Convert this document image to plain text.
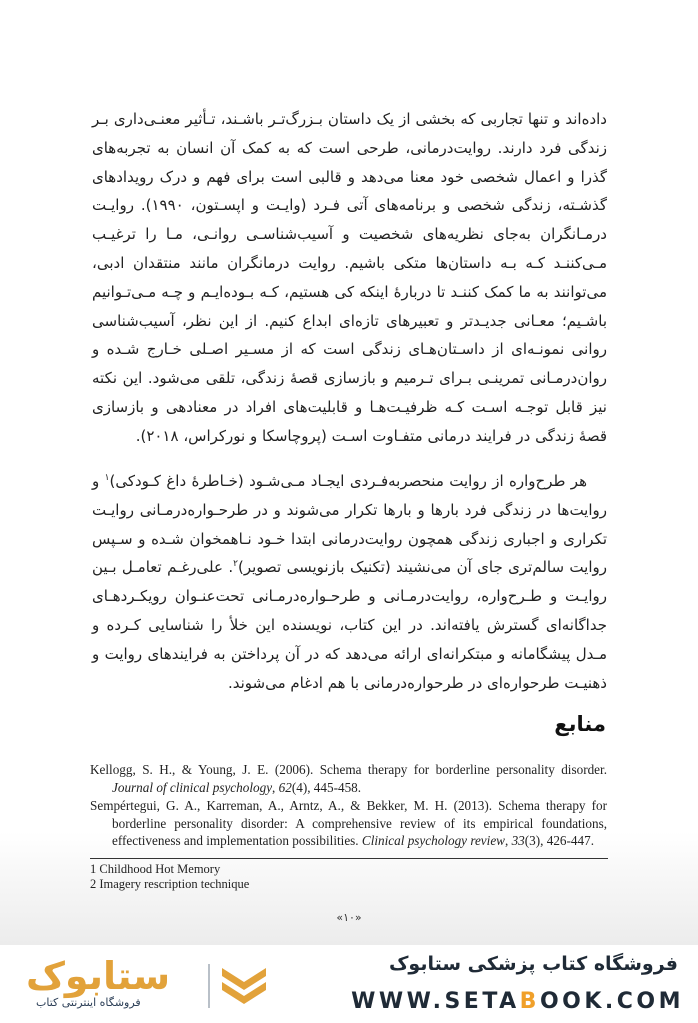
داده‌اند و تنها تجاربی که بخشی از یک داستان بـزرگ‌تـر باشـند، تـأثیر معنـی‌داری بـر زندگی فرد دارند. روایت‌درمانی، طرحی است که به کمک آن انسان به تجربه‌های گذرا و اعمال شخصی خود معنا می‌دهد و قالبی است برای فهم و درک رویدادهای گذشـته، زندگی شخصی و برنامه‌های آتی فـرد (وایـت و اپسـتون، ۱۹۹۰). روایـت درمـانگران به‌جای نظریه‌های شخصیت و آسیب‌شناسـی روانـی، مـا را ترغیـب مـی‌کننـد کـه بـه داستان‌ها متکی باشیم. روایت درمانگران مانند منتقدان ادبی، می‌توانند به ما کمک کننـد تا دربارهٔ اینکه کی هستیم، کـه بـوده‌ایـم و چـه مـی‌تـوانیم باشـیم؛ معـانی جدیـدتر و تعبیرهای تازه‌ای ابداع کنیم. از این نظر، آسیب‌شناسی روانی نمونـه‌ای از داسـتان‌هـای زندگی است که از مسـیر اصـلی خـارج شـده و روان‌درمـانی تمرینـی بـرای تـرمیم و بازسازی قصهٔ زندگی، تلقی می‌شود. این نکته نیز قابل توجـه اسـت کـه ظرفیـت‌هـا و قابلیت‌های افراد در معنادهی و بازسازی قصهٔ زندگی در فرایند درمانی متفـاوت اسـت (پروچاسکا و نورکراس، ۲۰۱۸).

هر طرح‌واره از روایت منحصربه‌فـردی ایجـاد مـی‌شـود (خـاطرهٔ داغ کـودکی)$^۱$ و روایت‌ها در زندگی فرد بارها و بارها تکرار می‌شوند و در طرحـواره‌درمـانی روایـت تکراری و اجباری زندگی همچون روایت‌درمانی ابتدا خـود نـاهمخوان شـده و سـپس روایت سالم‌تری جای آن می‌نشیند (تکنیک بازنویسی تصویر)$^۲$. علی‌رغـم تعامـل بـین روایـت و طـرح‌واره، روایت‌درمـانی و طرحـواره‌درمـانی تحت‌عنـوان رویکـردهـای جداگانه‌ای گسترش یافته‌اند. در این کتاب، نویسنده این خلأ را شناسایی کـرده و مـدل پیشگامانه و مبتکرانه‌ای ارائه می‌دهد که در آن پرداختن به فرایندهای روایت و ذهنیـت طرحواره‌ای در طرحواره‌درمانی با هم ادغام می‌شوند.

منابع

Kellogg, S. H., & Young, J. E. (2006). Schema therapy for borderline personality disorder. Journal of clinical psychology, 62(4), 445-458.

Sempértegui, G. A., Karreman, A., Arntz, A., & Bekker, M. H. (2013). Schema therapy for borderline personality disorder: A comprehensive review of its empirical foundations, effectiveness and implementation possibilities. Clinical psychology review, 33(3), 426-447.

1 Childhood Hot Memory
2 Imagery rescription technique
«۱۰»
ستابوک
فروشگاه اینترنتی کتاب
فروشگاه کتاب پزشکی ستابوک
WWW.SETABOOK.COM
